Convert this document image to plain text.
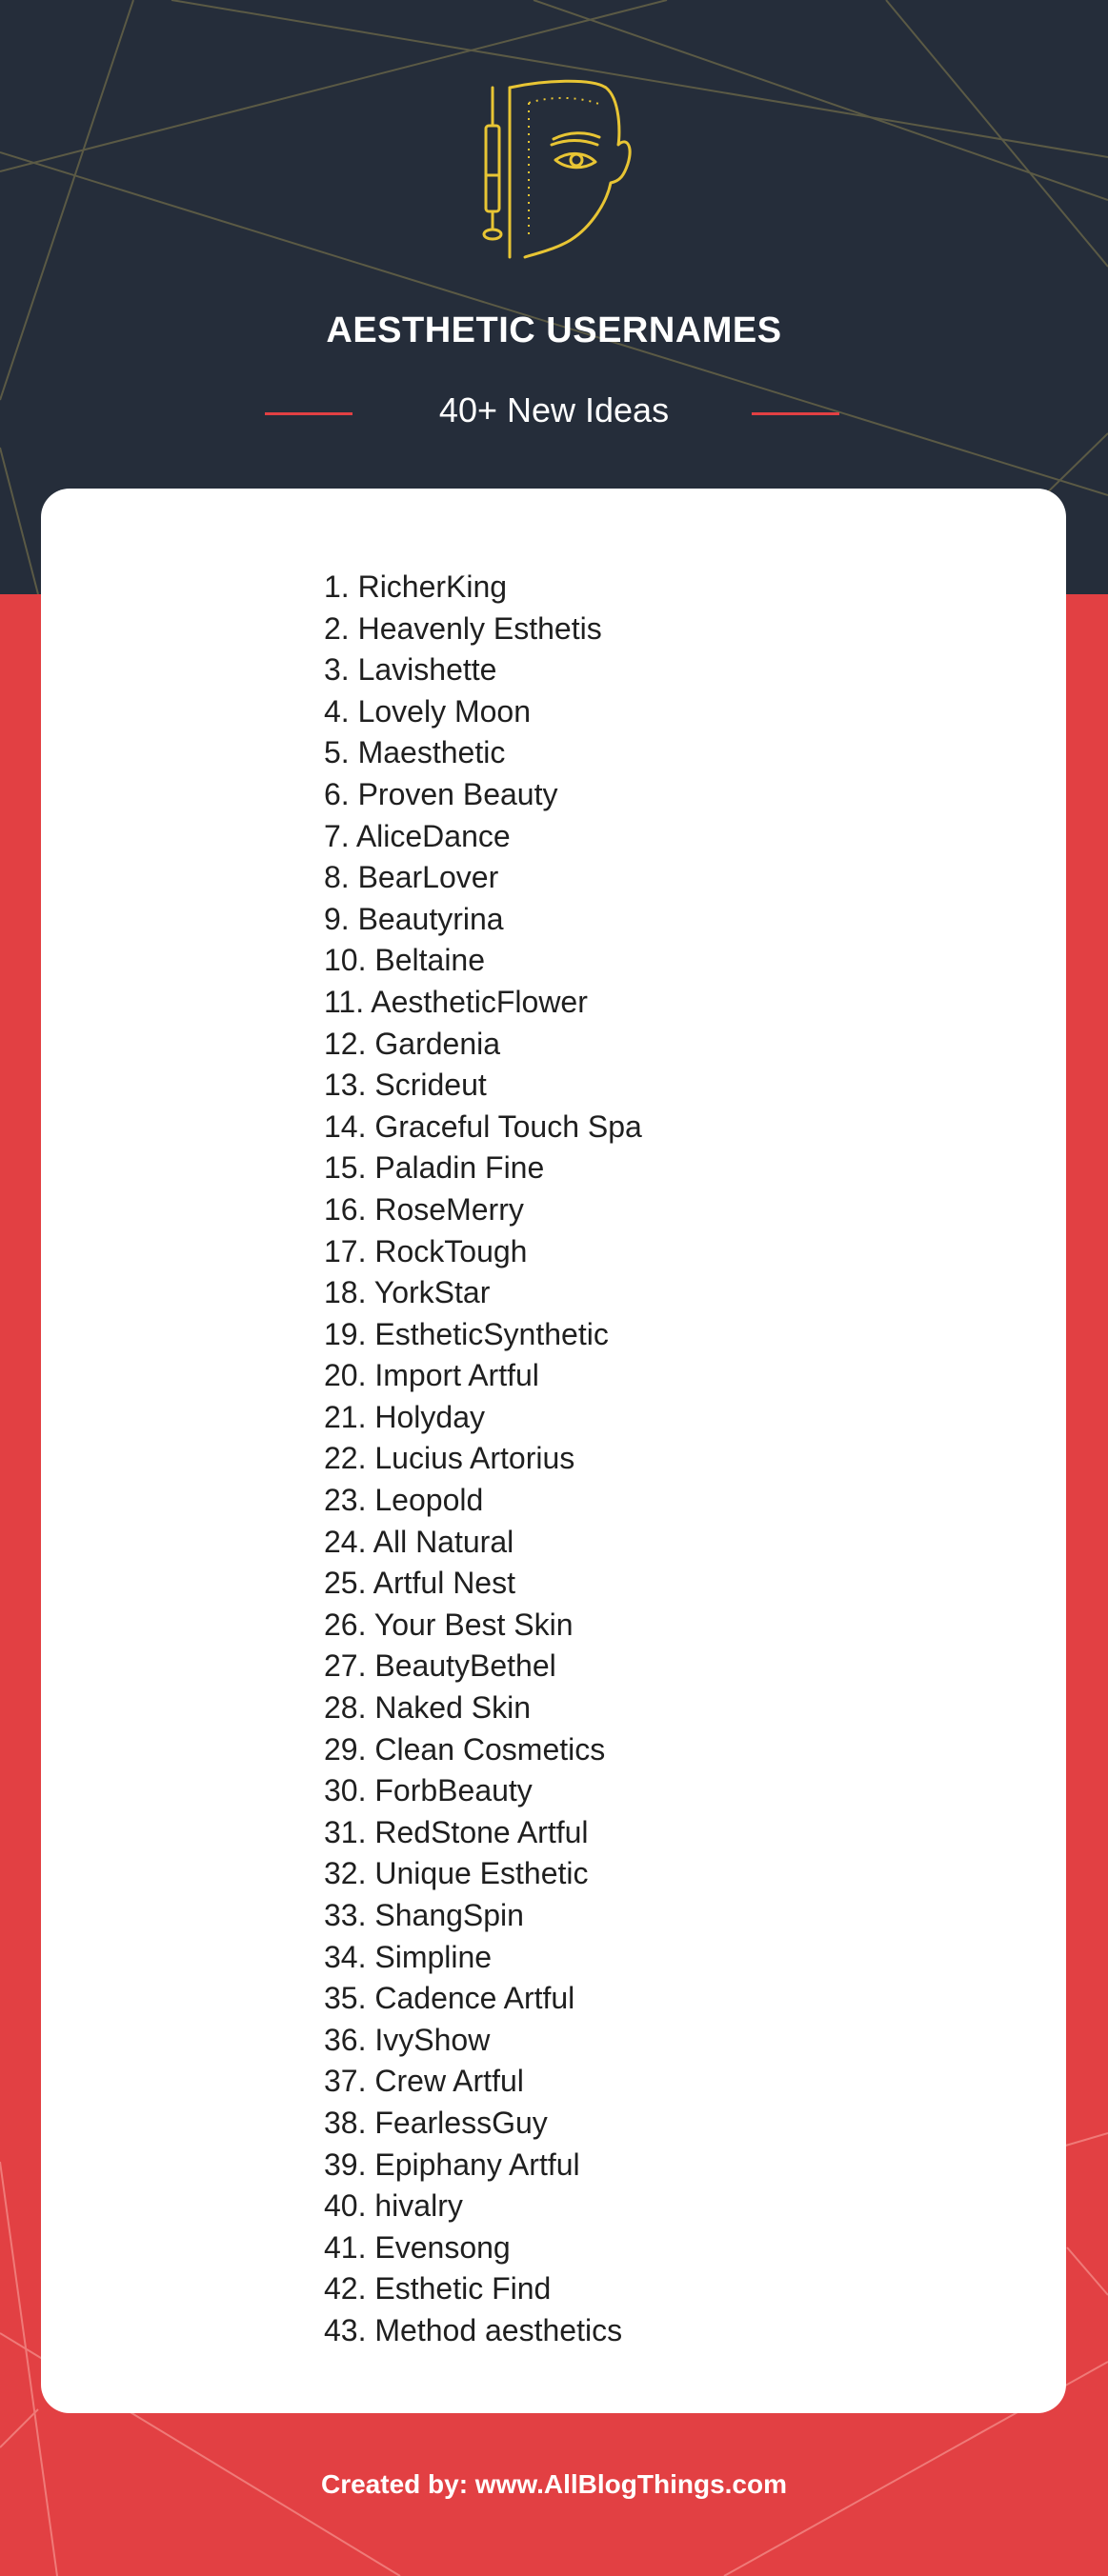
AESTHETIC USERNAMES
40+ New Ideas
1. RicherKing
2. Heavenly Esthetis
3. Lavishette
4. Lovely Moon
5. Maesthetic
6. Proven Beauty
7. AliceDance
8. BearLover
9. Beautyrina
10. Beltaine
11. AestheticFlower
12. Gardenia
13. Scrideut
14. Graceful Touch Spa
15. Paladin Fine
16. RoseMerry
17. RockTough
18. YorkStar
19. EstheticSynthetic
20. Import Artful
21. Holyday
22. Lucius Artorius
23. Leopold
24. All Natural
25. Artful Nest
26. Your Best Skin
27. BeautyBethel
28. Naked Skin
29. Clean Cosmetics
30. ForbBeauty
31. RedStone Artful
32. Unique Esthetic
33. ShangSpin
34. Simpline
35. Cadence Artful
36. IvyShow
37. Crew Artful
38. FearlessGuy
39. Epiphany Artful
40. hivalry
41. Evensong
42. Esthetic Find
43. Method aesthetics
Created by: www.AllBlogThings.com
